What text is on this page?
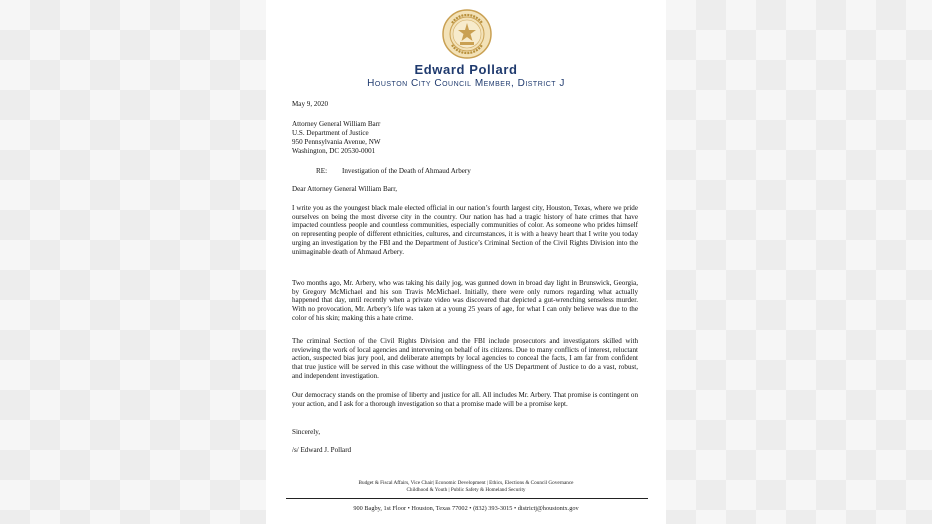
Edward Pollard
Houston City Council Member, District J
May 9, 2020
Attorney General William Barr
U.S. Department of Justice
950 Pennsylvania Avenue, NW
Washington, DC 20530-0001
RE:	Investigation of the Death of Ahmaud Arbery
Dear Attorney General William Barr,
I write you as the youngest black male elected official in our nation’s fourth largest city, Houston, Texas, where we pride ourselves on being the most diverse city in the country. Our nation has had a tragic history of hate crimes that have impacted countless people and countless communities, especially communities of color. As someone who prides himself on representing people of different ethnicities, cultures, and circumstances, it is with a heavy heart that I write you today urging an investigation by the FBI and the Department of Justice’s Criminal Section of the Civil Rights Division into the unimaginable death of Ahmaud Arbery.
Two months ago, Mr. Arbery, who was taking his daily jog, was gunned down in broad day light in Brunswick, Georgia, by Gregory McMichael and his son Travis McMichael. Initially, there were only rumors regarding what actually happened that day, until recently when a private video was discovered that depicted a gut-wrenching senseless murder. With no provocation, Mr. Arbery’s life was taken at a young 25 years of age, for what I can only believe was due to the color of his skin; making this a hate crime.
The criminal Section of the Civil Rights Division and the FBI include prosecutors and investigators skilled with reviewing the work of local agencies and intervening on behalf of its citizens. Due to many conflicts of interest, reluctant action, suspected bias jury pool, and deliberate attempts by local agencies to conceal the facts, I am far from confident that true justice will be served in this case without the willingness of the US Department of Justice to do a vast, robust, and independent investigation.
Our democracy stands on the promise of liberty and justice for all. All includes Mr. Arbery. That promise is contingent on your action, and I ask for a thorough investigation so that a promise made will be a promise kept.
Sincerely,
/s/ Edward J. Pollard
Budget & Fiscal Affairs, Vice Chair| Economic Development | Ethics, Elections & Council Governance
Childhood & Youth | Public Safety & Homeland Security
900 Bagby, 1st Floor • Houston, Texas 77002 • (832) 393-3015 • districtj@houstontx.gov
